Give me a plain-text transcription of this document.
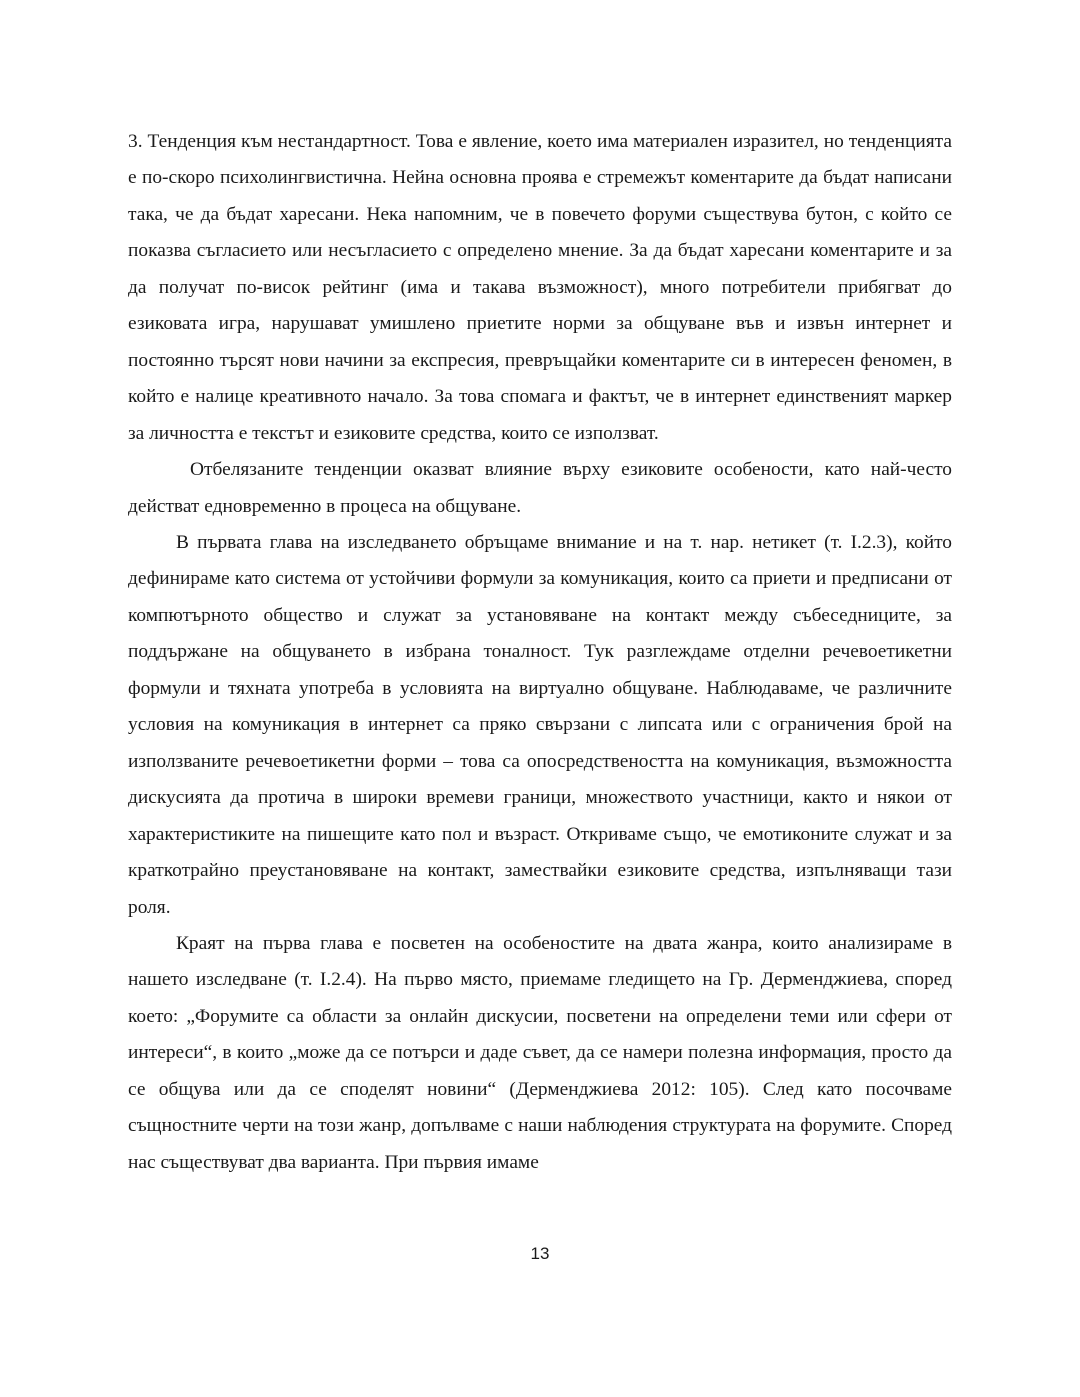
3. Тенденция към нестандартност. Това е явление, което има материален изразител, но тенденцията е по-скоро психолингвистична. Нейна основна проява е стремежът коментарите да бъдат написани така, че да бъдат харесани. Нека напомним, че в повечето форуми съществува бутон, с който се показва съгласието или несъгласието с определено мнение. За да бъдат харесани коментарите и за да получат по-висок рейтинг (има и такава възможност), много потребители прибягват до езиковата игра, нарушават умишлено приетите норми за общуване във и извън интернет и постоянно търсят нови начини за експресия, превръщайки коментарите си в интересен феномен, в който е налице креативното начало. За това спомага и фактът, че в интернет единственият маркер за личността е текстът и езиковите средства, които се използват.

Отбелязаните тенденции оказват влияние върху езиковите особености, като най-често действат едновременно в процеса на общуване.

В първата глава на изследването обръщаме внимание и на т. нар. нетикет (т. I.2.3), който дефинираме като система от устойчиви формули за комуникация, които са приети и предписани от компютърното общество и служат за установяване на контакт между събеседниците, за поддържане на общуването в избрана тоналност. Тук разглеждаме отделни речевоетикетни формули и тяхната употреба в условията на виртуално общуване. Наблюдаваме, че различните условия на комуникация в интернет са пряко свързани с липсата или с ограничения брой на използваните речевоетикетни форми – това са опосредствеността на комуникация, възможността дискусията да протича в широки времеви граници, множеството участници, както и някои от характеристиките на пишещите като пол и възраст. Откриваме също, че емотиконите служат и за краткотрайно преустановяване на контакт, замествайки езиковите средства, изпълняващи тази роля.

Краят на първа глава е посветен на особеностите на двата жанра, които анализираме в нашето изследване (т. I.2.4). На първо място, приемаме гледището на Гр. Дерменджиева, според което: „Форумите са области за онлайн дискусии, посветени на определени теми или сфери от интереси“, в които „може да се потърси и даде съвет, да се намери полезна информация, просто да се общува или да се споделят новини“ (Дерменджиева 2012: 105). След като посочваме същностните черти на този жанр, допълваме с наши наблюдения структурата на форумите. Според нас съществуват два варианта. При първия имаме

13
